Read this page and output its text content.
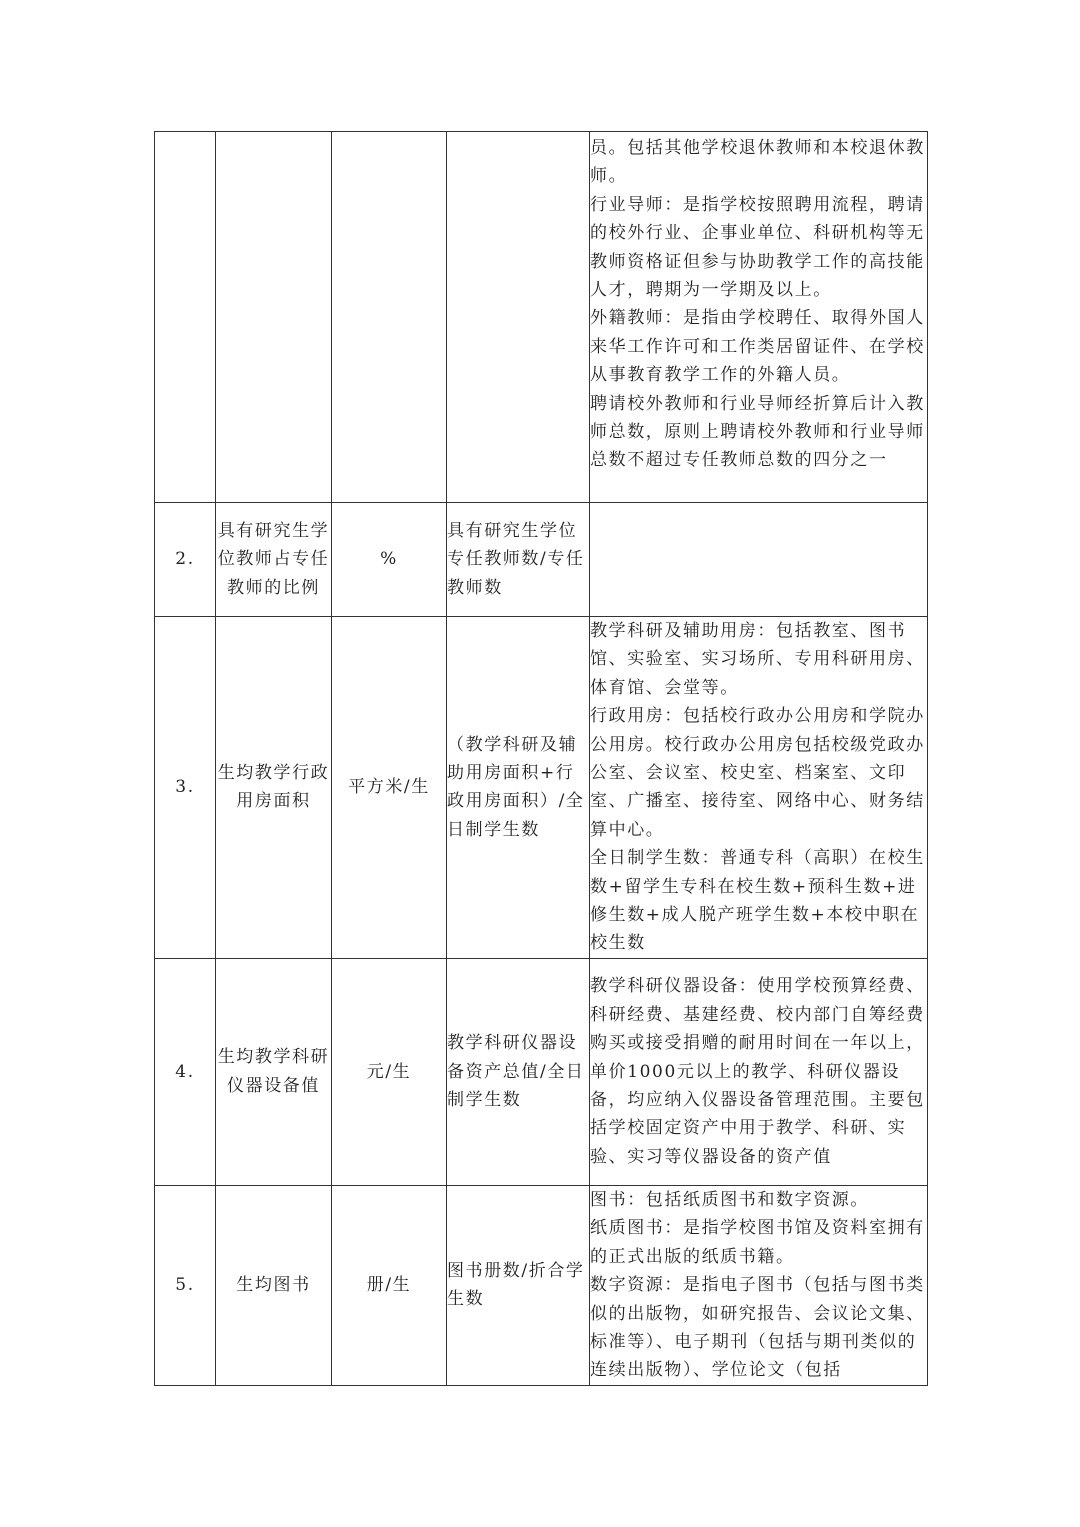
				员。包括其他学校退休教师和本校退休教师。
行业导师：是指学校按照聘用流程，聘请的校外行业、企事业单位、科研机构等无教师资格证但参与协助教学工作的高技能人才，聘期为一学期及以上。
外籍教师：是指由学校聘任、取得外国人来华工作许可和工作类居留证件、在学校从事教育教学工作的外籍人员。
聘请校外教师和行业导师经折算后计入教师总数，原则上聘请校外教师和行业导师总数不超过专任教师总数的四分之一

2.	具有研究生学位教师占专任教师的比例	%	具有研究生学位专任教师数/专任教师数	
3.	生均教学行政用房面积	平方米/生	（教学科研及辅助用房面积+行政用房面积）/全日制学生数	教学科研及辅助用房：包括教室、图书馆、实验室、实习场所、专用科研用房、体育馆、会堂等。
行政用房：包括校行政办公用房和学院办公用房。校行政办公用房包括校级党政办公室、会议室、校史室、档案室、文印室、广播室、接待室、网络中心、财务结算中心。
全日制学生数：普通专科（高职）在校生数+留学生专科在校生数+预科生数+进修生数+成人脱产班学生数+本校中职在校生数

4.	生均教学科研仪器设备值	元/生	教学科研仪器设备资产总值/全日制学生数	教学科研仪器设备：使用学校预算经费、科研经费、基建经费、校内部门自筹经费购买或接受捐赠的耐用时间在一年以上，单价1000元以上的教学、科研仪器设备，均应纳入仪器设备管理范围。主要包括学校固定资产中用于教学、科研、实验、实习等仪器设备的资产值

5.	生均图书	册/生	图书册数/折合学生数	图书：包括纸质图书和数字资源。
纸质图书：是指学校图书馆及资料室拥有的正式出版的纸质书籍。
数字资源：是指电子图书（包括与图书类似的出版物，如研究报告、会议论文集、标准等）、电子期刊（包括与期刊类似的连续出版物）、学位论文（包括
